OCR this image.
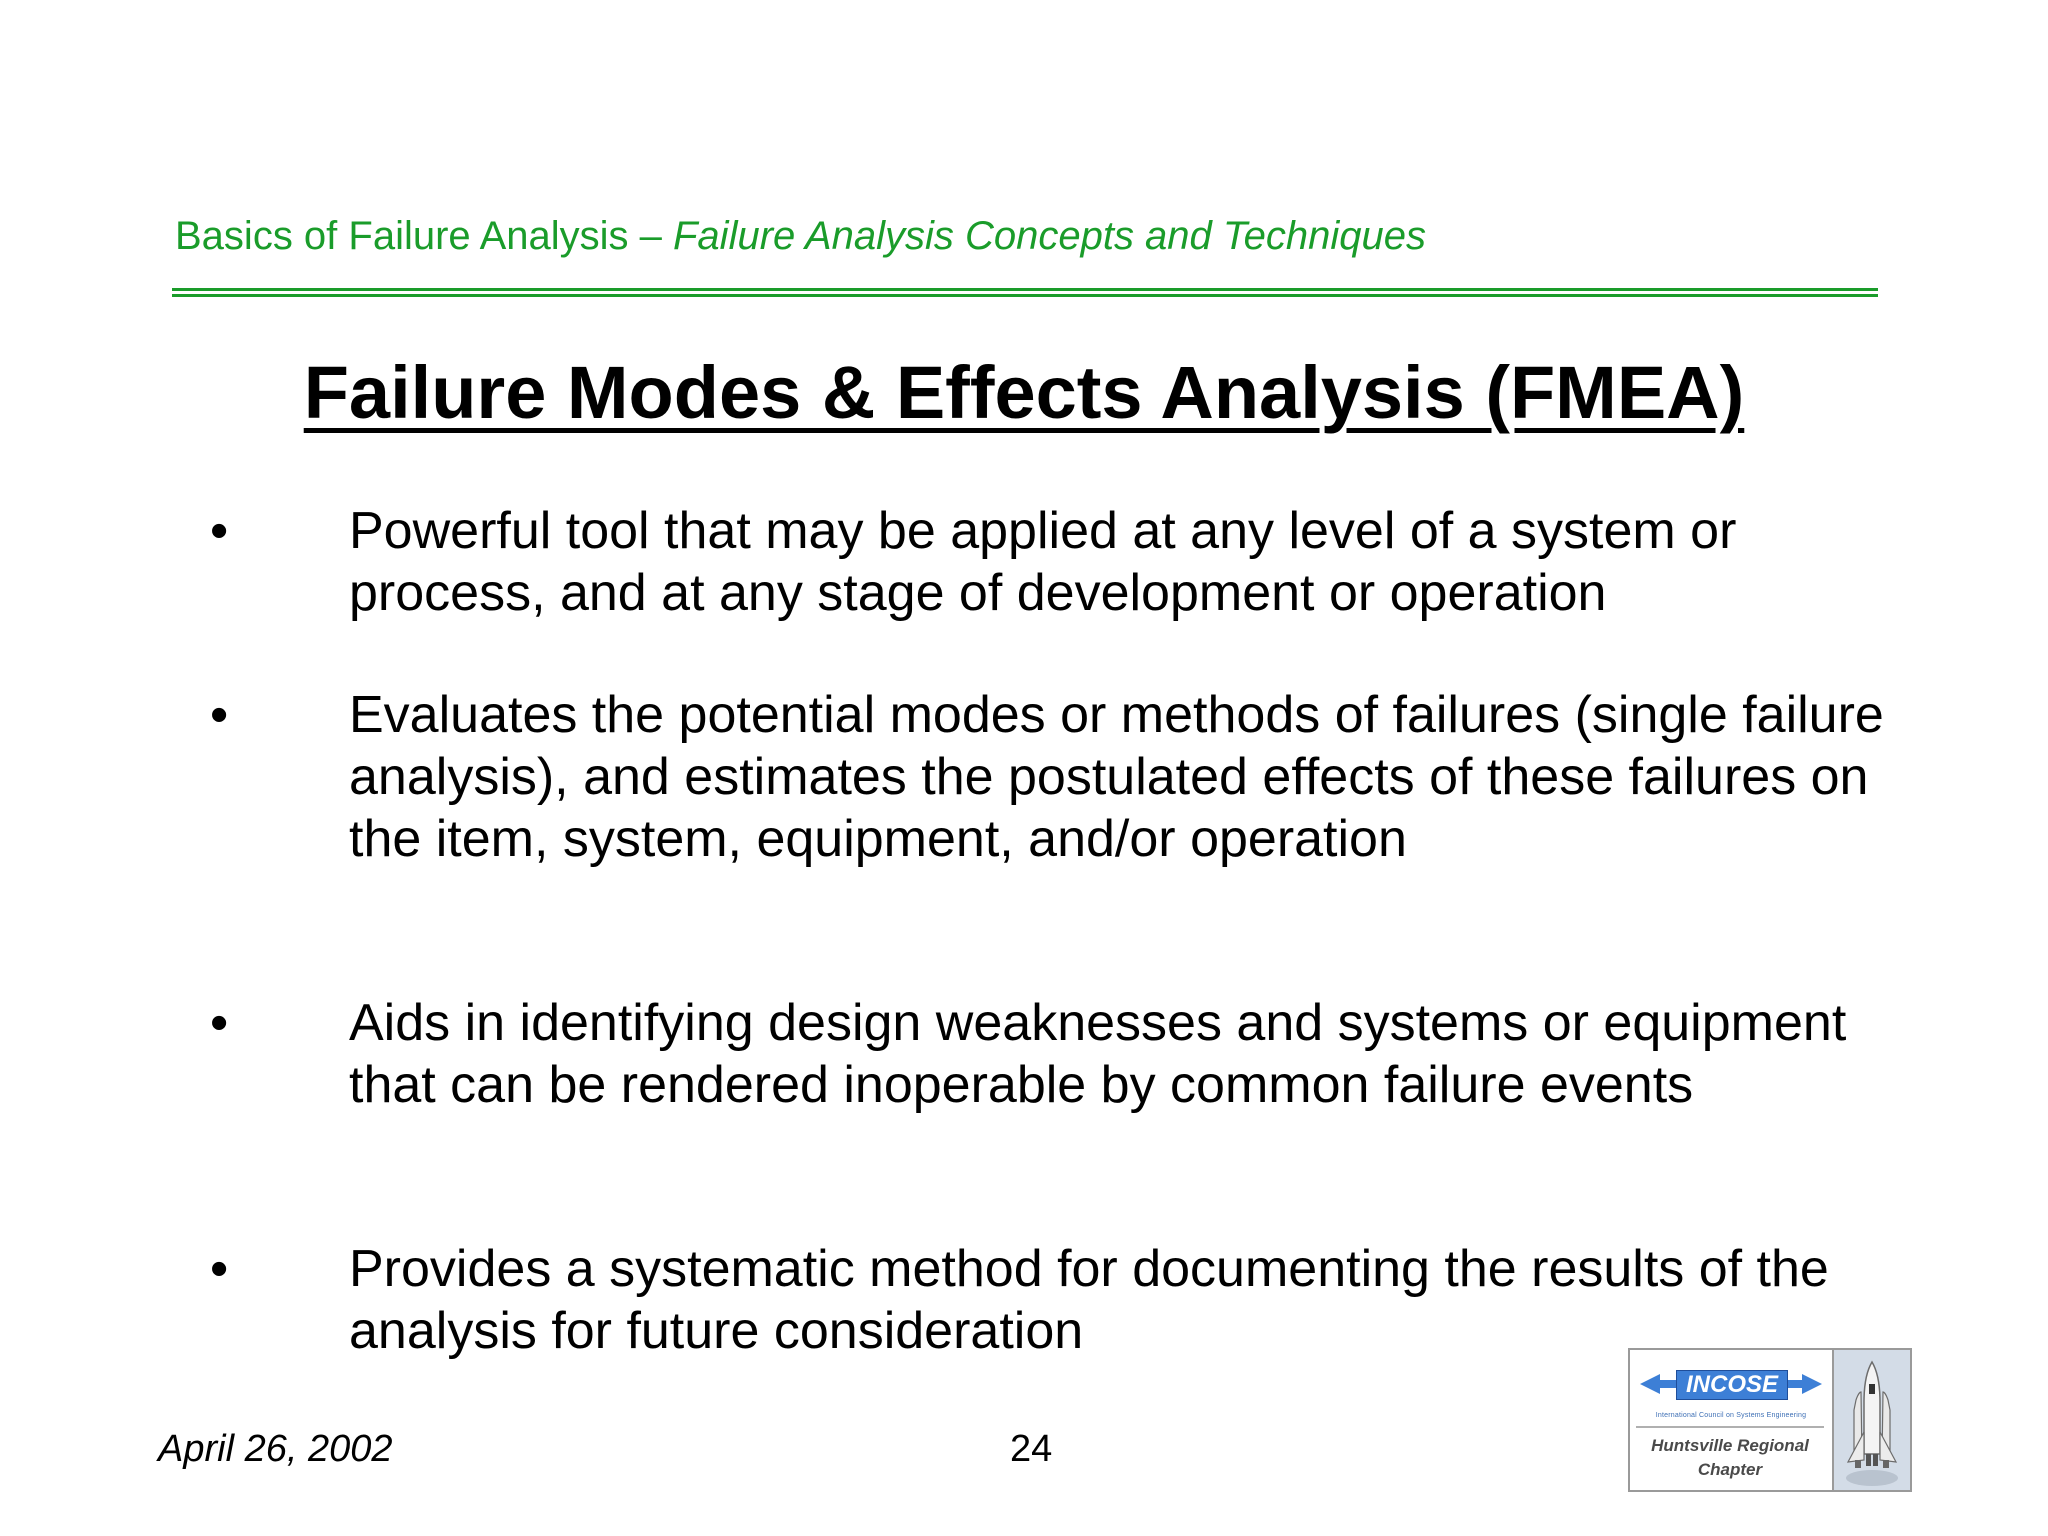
Basics of Failure Analysis – Failure Analysis Concepts and Techniques
Failure Modes & Effects Analysis (FMEA)
• Powerful tool that may be applied at any level of a system or process, and at any stage of development or operation
• Evaluates the potential modes or methods of failures (single failure analysis), and estimates the postulated effects of these failures on the item, system, equipment, and/or operation
• Aids in identifying design weaknesses and systems or equipment that can be rendered inoperable by common failure events
• Provides a systematic method for documenting the results of the analysis for future consideration
April 26, 2002	24
INCOSE
International Council on Systems Engineering
Huntsville Regional
Chapter
